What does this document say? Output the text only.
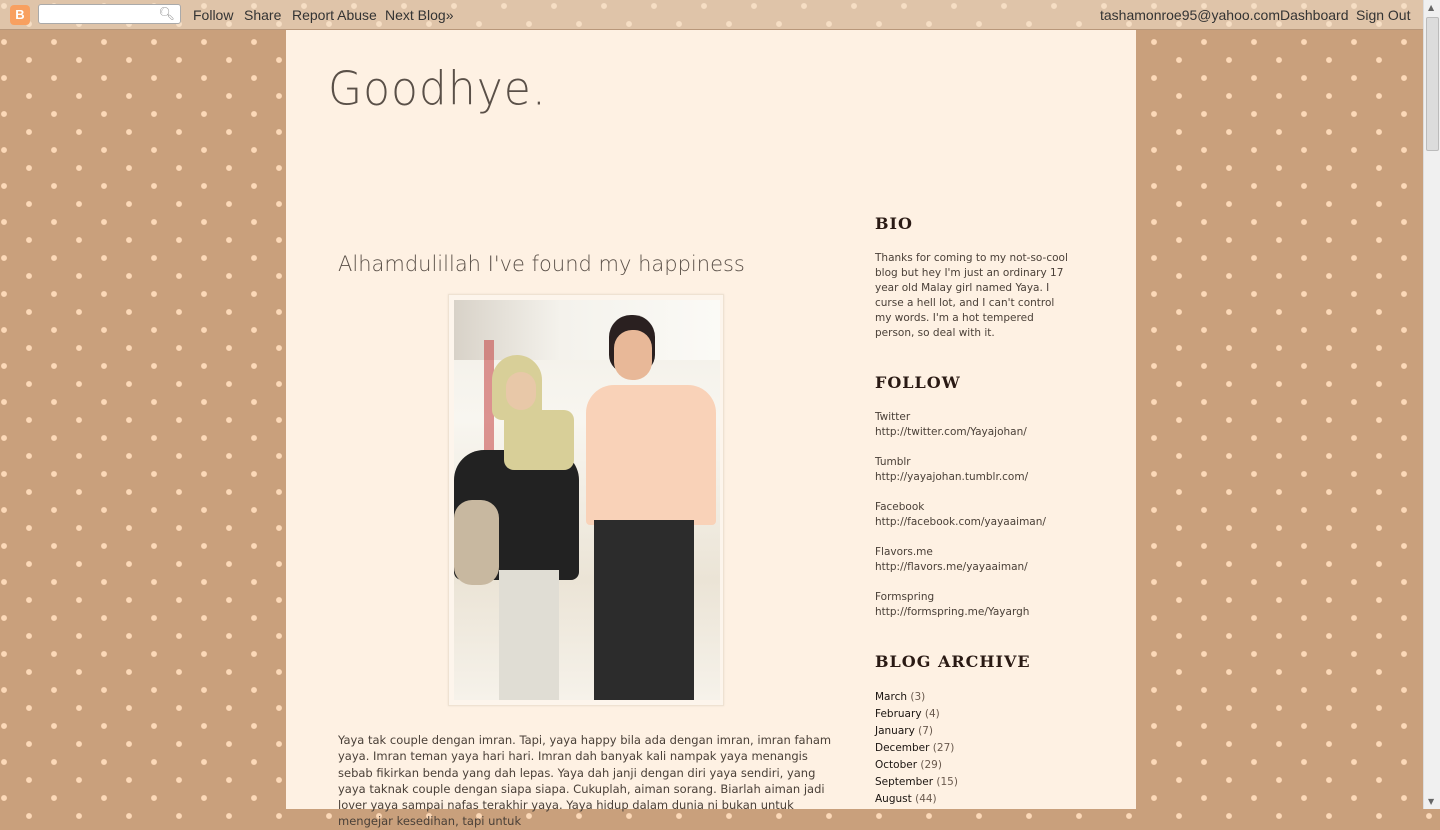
B	🔍︎ Follow Share Report Abuse Next Blog»	tashamonroe95@yahoo.com Dashboard Sign Out
Goodhye.
Alhamdulillah I've found my happiness
Yaya tak couple dengan imran. Tapi, yaya happy bila ada dengan imran, imran faham yaya. Imran teman yaya hari hari. Imran dah banyak kali nampak yaya menangis sebab fikirkan benda yang dah lepas. Yaya dah janji dengan diri yaya sendiri, yang yaya taknak couple dengan siapa siapa. Cukuplah, aiman sorang. Biarlah aiman jadi lover yaya sampai nafas terakhir yaya. Yaya hidup dalam dunia ni bukan untuk mengejar kesedihan, tapi untuk
BIO
Thanks for coming to my not-so-cool blog but hey I'm just an ordinary 17 year old Malay girl named Yaya. I curse a hell lot, and I can't control my words. I'm a hot tempered person, so deal with it.
FOLLOW

Twitter

http://twitter.com/Yayajohan/

Tumblr

http://yayajohan.tumblr.com/

Facebook

http://facebook.com/yayaaiman/

Flavors.me

http://flavors.me/yayaaiman/

Formspring

http://formspring.me/Yayargh

BLOG ARCHIVE
March (3)
February (4)
January (7)
December (27)
October (29)
September (15)
August (44)
▲
▼
